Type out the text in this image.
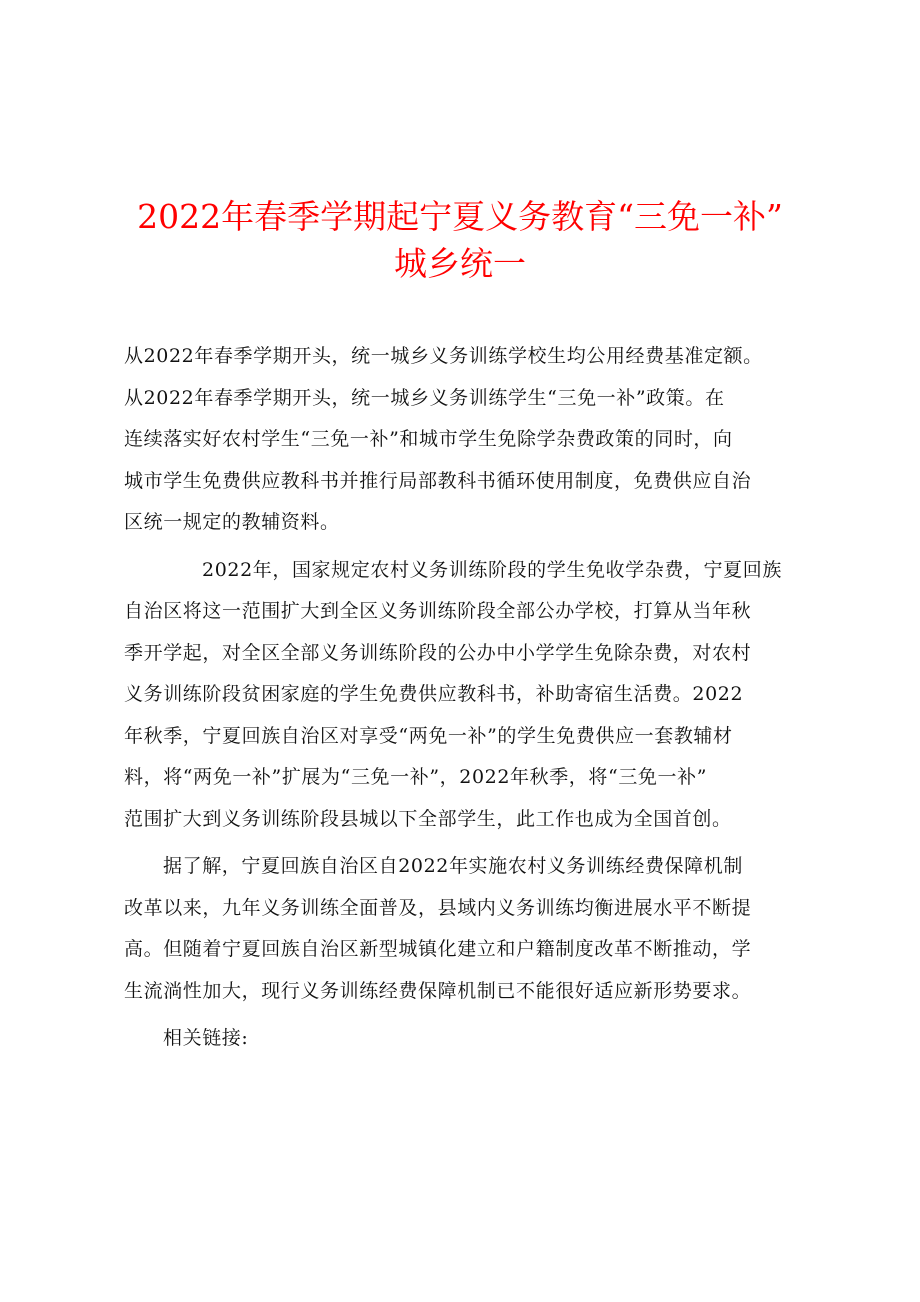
2022年春季学期起宁夏义务教育“三免一补”
城乡统一

从2022年春季学期开头，统一城乡义务训练学校生均公用经费基准定额。
从2022年春季学期开头，统一城乡义务训练学生“三免一补”政策。在
连续落实好农村学生“三免一补”和城市学生免除学杂费政策的同时，向
城市学生免费供应教科书并推行局部教科书循环使用制度，免费供应自治
区统一规定的教辅资料。

2022年，国家规定农村义务训练阶段的学生免收学杂费，宁夏回族
自治区将这一范围扩大到全区义务训练阶段全部公办学校，打算从当年秋
季开学起，对全区全部义务训练阶段的公办中小学学生免除杂费，对农村
义务训练阶段贫困家庭的学生免费供应教科书，补助寄宿生活费。2022
年秋季，宁夏回族自治区对享受“两免一补”的学生免费供应一套教辅材
料，将“两免一补”扩展为“三免一补”，2022年秋季，将“三免一补”
范围扩大到义务训练阶段县城以下全部学生，此工作也成为全国首创。

据了解，宁夏回族自治区自2022年实施农村义务训练经费保障机制
改革以来，九年义务训练全面普及，县域内义务训练均衡进展水平不断提
高。但随着宁夏回族自治区新型城镇化建立和户籍制度改革不断推动，学
生流淌性加大，现行义务训练经费保障机制已不能很好适应新形势要求。

相关链接:
